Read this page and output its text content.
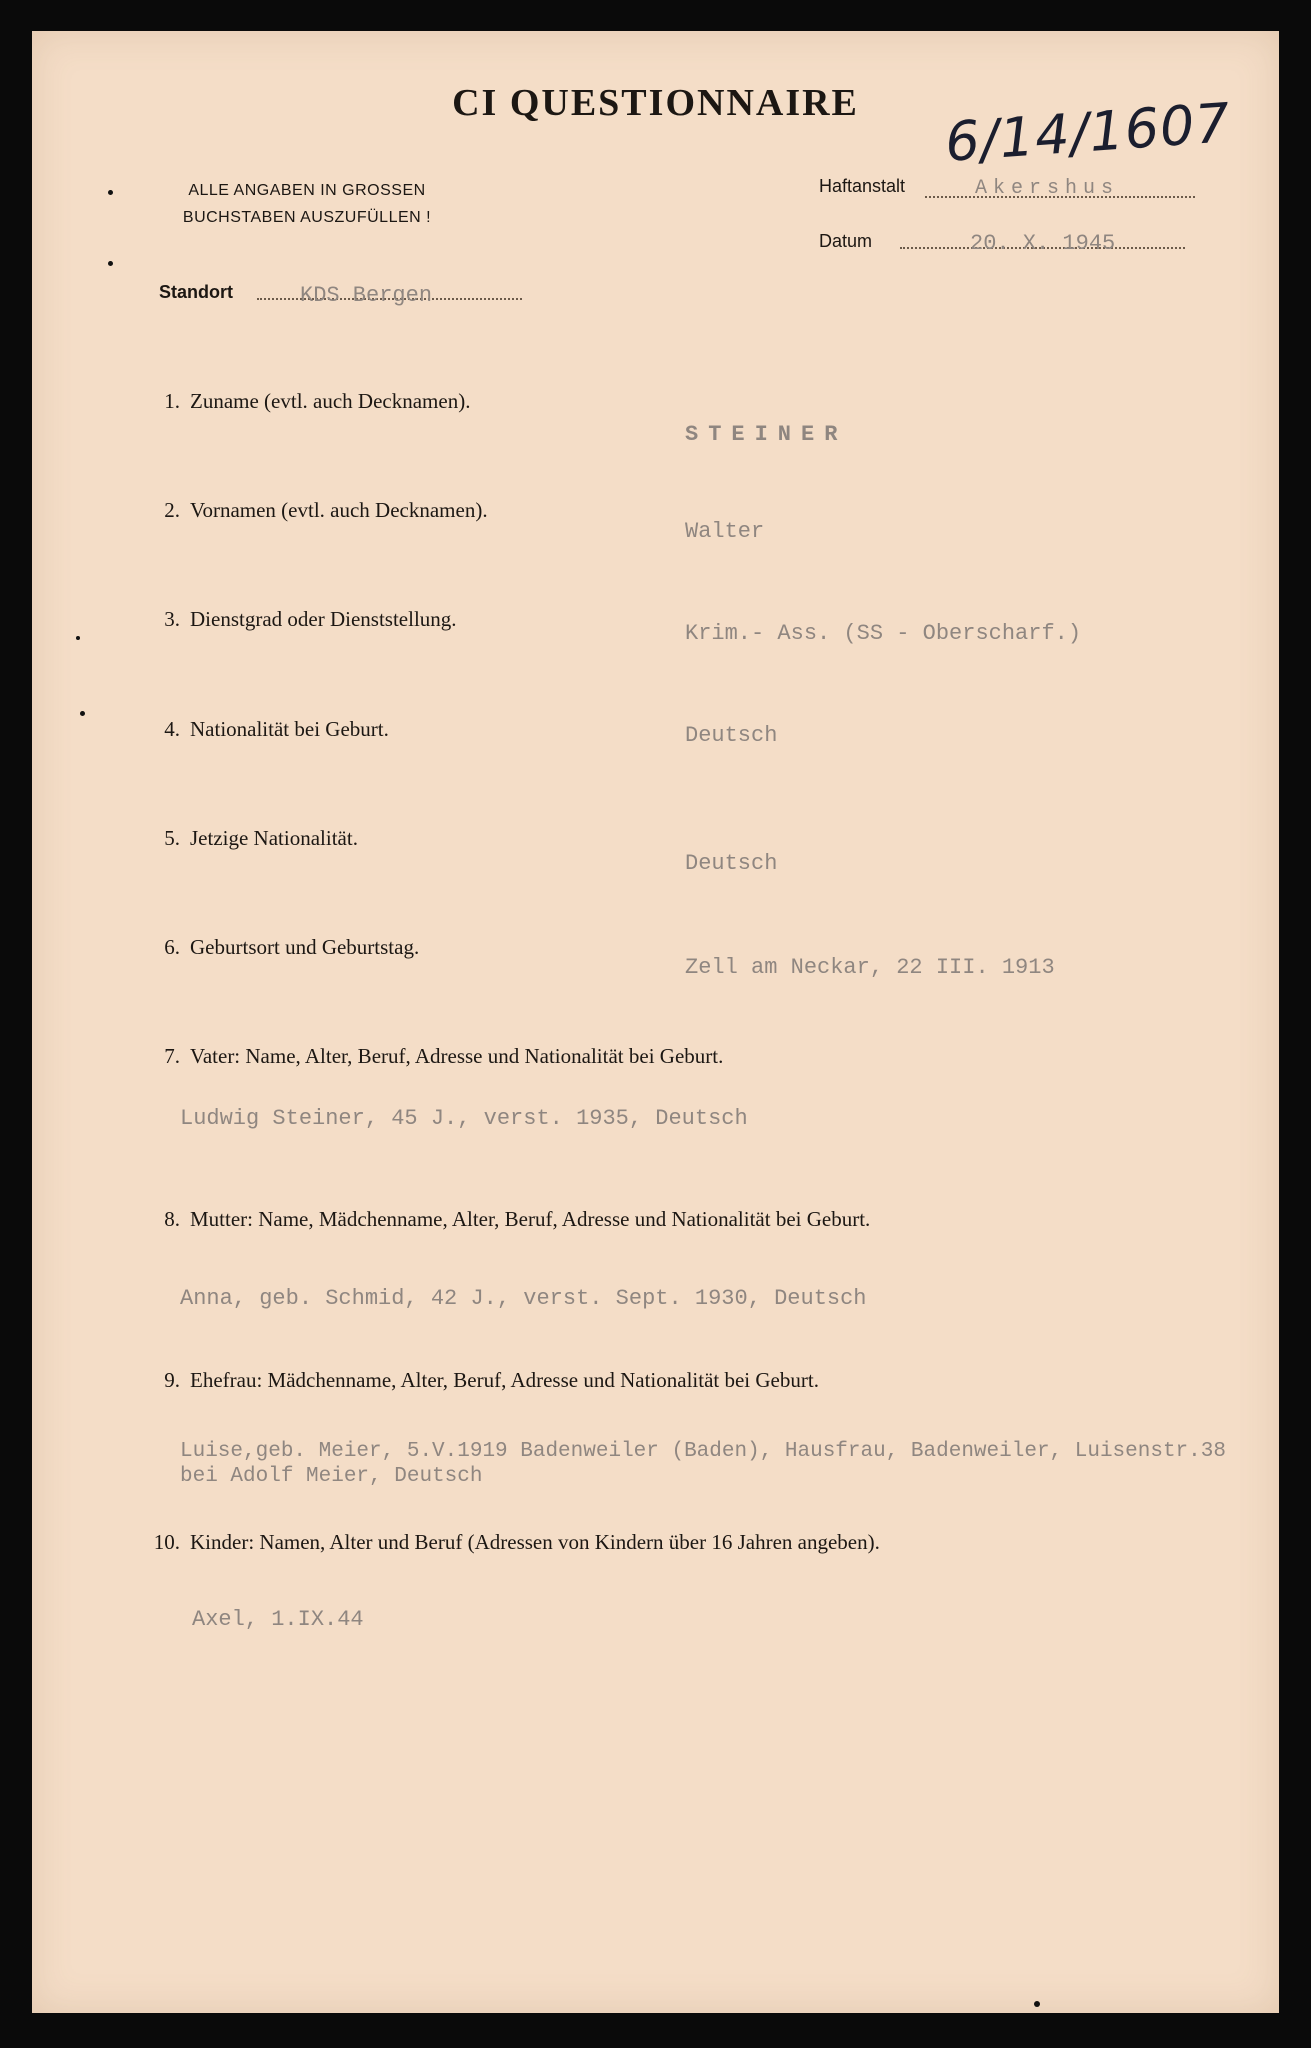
CI QUESTIONNAIRE	6/14/1607
ALLE ANGABEN IN GROSSEN BUCHSTABEN AUSZUFÜLLEN !
Haftanstalt	Akershus
Datum	20. X. 1945
Standort	KDS Bergen
1. Zuname (evtl. auch Decknamen).
STEINER
2. Vornamen (evtl. auch Decknamen).
Walter
3. Dienstgrad oder Dienststellung.
Krim.- Ass. (SS - Oberscharf.)
4. Nationalität bei Geburt.	Deutsch
5. Jetzige Nationalität.
Deutsch
6. Geburtsort und Geburtstag.
Zell am Neckar, 22 III. 1913
7. Vater: Name, Alter, Beruf, Adresse und Nationalität bei Geburt.
Ludwig Steiner, 45 J., verst. 1935, Deutsch
8. Mutter: Name, Mädchenname, Alter, Beruf, Adresse und Nationalität bei Geburt.
Anna, geb. Schmid, 42 J., verst. Sept. 1930, Deutsch
9. Ehefrau: Mädchenname, Alter, Beruf, Adresse und Nationalität bei Geburt.
Luise,geb. Meier, 5.V.1919 Badenweiler (Baden), Hausfrau, Badenweiler, Luisenstr.38
bei Adolf Meier, Deutsch
10. Kinder: Namen, Alter und Beruf (Adressen von Kindern über 16 Jahren angeben).
Axel, 1.IX.44
